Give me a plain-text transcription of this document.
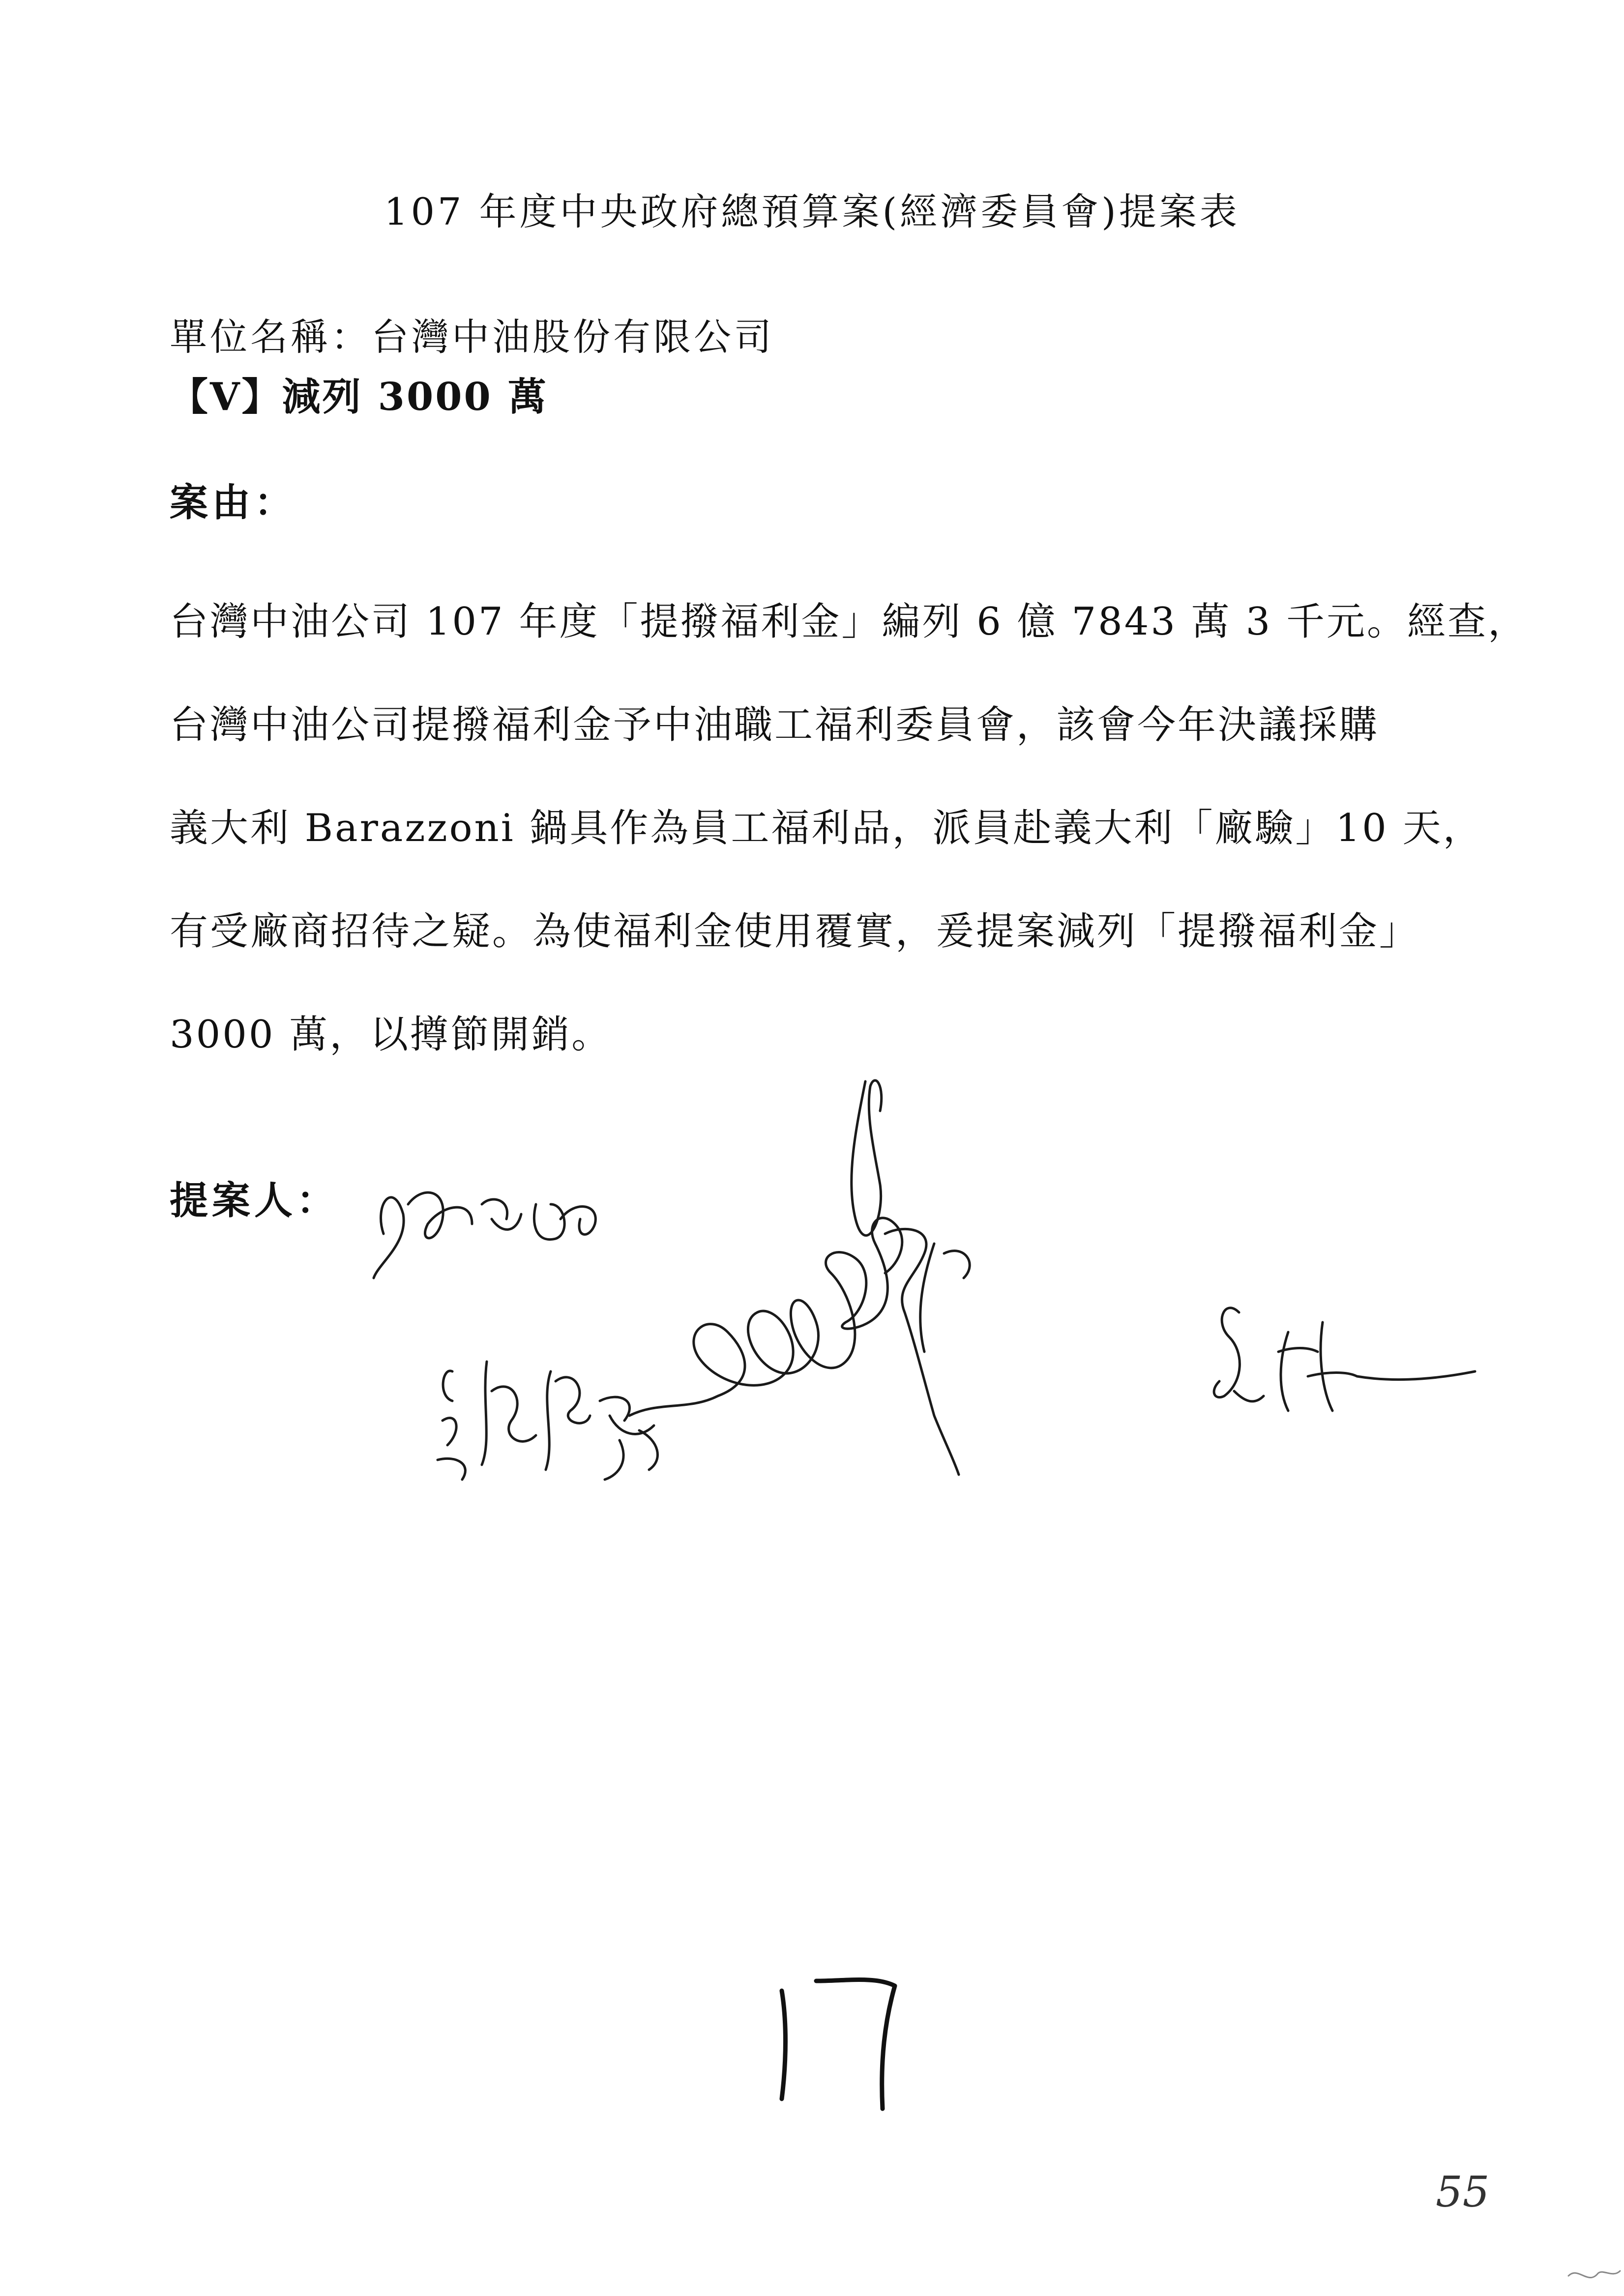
107 年度中央政府總預算案(經濟委員會)提案表
單位名稱：台灣中油股份有限公司
【V】減列 3000 萬
案由：
台灣中油公司 107 年度「提撥福利金」編列 6 億 7843 萬 3 千元。經查，
台灣中油公司提撥福利金予中油職工福利委員會，該會今年決議採購
義大利 Barazzoni 鍋具作為員工福利品，派員赴義大利「廠驗」10 天，
有受廠商招待之疑。為使福利金使用覆實，爰提案減列「提撥福利金」
3000 萬，以撙節開銷。
提案人：
55
